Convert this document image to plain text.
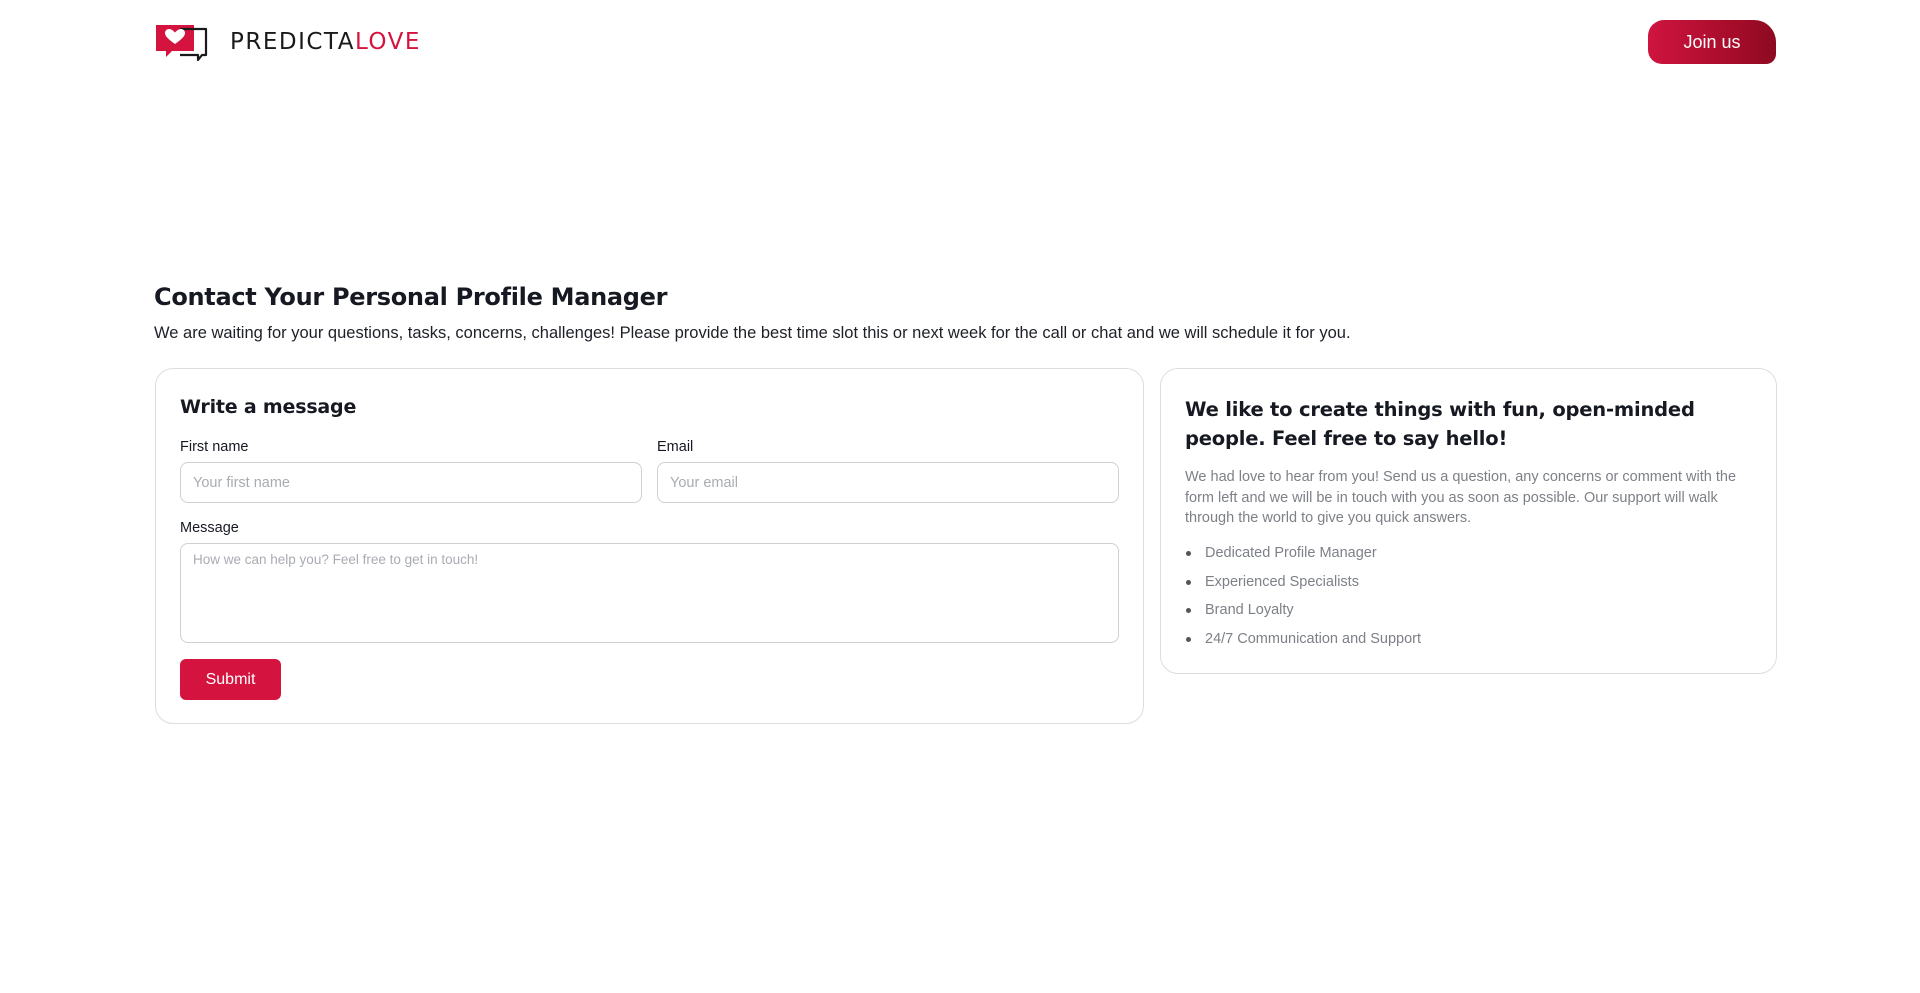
PREDICTALOVE	Join us
Contact Your Personal Profile Manager

We are waiting for your questions, tasks, concerns, challenges! Please provide the best time slot this or next week for the call or chat and we will schedule it for you.

Write a message
First name
Your first name	Email
Your email
Message
How we can help you? Feel free to get in touch!
Submit
We like to create things with fun, open-minded people. Feel free to say hello!

We had love to hear from you! Send us a question, any concerns or comment with the form left and we will be in touch with you as soon as possible. Our support will walk through the world to give you quick answers.

Dedicated Profile Manager
Experienced Specialists
Brand Loyalty
24/7 Communication and Support
